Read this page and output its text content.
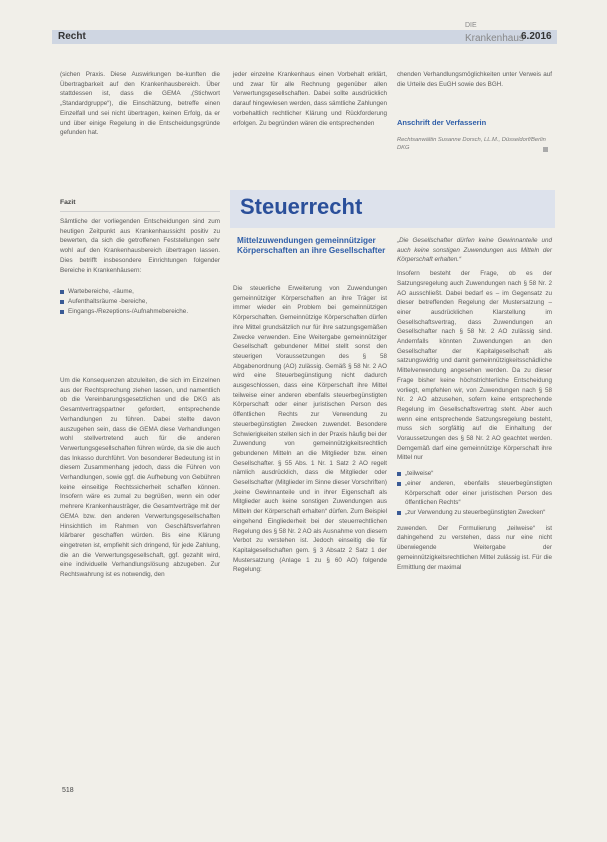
Recht
DIE
Krankenhaus
6.2016

(sichen Praxis. Diese Auswirkungen be-kunften die Übertragbarkeit auf den Krankenhausbereich. Über stattdessen ist, dass die GEMA ,(Stichwort „Standardgruppe“), die Einschätzung, betreffe einen Einzelfall und sei nicht übertragen, keinen Erfolg, da er und über einige Regelung in die Entscheidungsgründe gefunden hat.

Fazit

Sämtliche der vorliegenden Entscheidungen sind zum heutigen Zeitpunkt aus Krankenhaussicht positiv zu bewerten, da sich die getroffenen Feststellungen sehr wohl auf den Krankenhausbereich übertragen lassen. Dies betrifft insbesondere Einrichtungen folgender Bereiche in Krankenhäusern:

Wartebereiche, -räume,
Aufenthaltsräume -bereiche,
Eingangs-/Rezeptions-/Aufnahmebereiche.

Um die Konsequenzen abzuleiten, die sich im Einzelnen aus der Rechtsprechung ziehen lassen, und namentlich ob die Vereinbarungsgesetzlichen und die DKG als Gesamtvertragspartner gefordert, entsprechende Verhandlungen zu führen. Dabei stellte davon auszugehen sein, dass die GEMA diese Verhandlungen wohl stellvertretend auch für die anderen Verwertungsgesellschaften führen würde, da sie die auch das Inkasso durchführt. Von besonderer Bedeutung ist in diesem Zusammenhang jedoch, dass die Führen von Verhandlungen, sowie ggf. die Aufhebung von Gebühren keine einseitige Rechtssicherheit schaffen können. Insofern wäre es zumal zu begrüßen, wenn ein oder mehrere Krankenhausträger, die Gesamtverträge mit der GEMA bzw. den anderen Verwertungsgesellschaften Hinsichtlich im Rahmen von Geschäftsverfahren klärbarer geschaffen würden. Bis eine Klärung eingetreten ist, empfiehlt sich dringend, für jede Zahlung, die an die Verwertungsgesellschaft, ggf. gezahlt wird, eine individuelle Verhandlungslösung abzugeben. Zur Rechtswahrung ist es notwendig, den

jeder einzelne Krankenhaus einen Vorbehalt erklärt, und zwar für alle Rechnung gegenüber allen Verwertungsgesellschaften. Dabei sollte ausdrücklich darauf hingewiesen werden, dass sämtliche Zahlungen vorbehaltlich rechtlicher Klärung und Rückforderung erfolgen. Zu begründen wären die entsprechenden

chenden Verhandlungsmöglichkeiten unter Verweis auf die Urteile des EuGH sowie des BGH.

Anschrift der Verfasserin
Rechtsanwältin Susanne Dorsch, LL.M., Düsseldorf/Berlin DKG
Steuerrecht
Mittelzuwendungen gemeinnütziger Körperschaften an ihre Gesellschafter

Die steuerliche Erweiterung von Zuwendungen gemeinnütziger Körperschaften an ihre Träger ist immer wieder ein Problem bei gemeinnützigen Körperschaften. Gemeinnützige Körperschaften dürfen ihre Mittel grundsätzlich nur für ihre satzungsgemäßen Zwecke verwenden. Eine Weitergabe gemeinnütziger Gesellschaft gebundener Mittel stellt sonst den steuerigen Voraussetzungen des § 58 Abgabenordnung (AO) zulässig. Gemäß § 58 Nr. 2 AO wird eine Steuerbegünstigung nicht dadurch ausgeschlossen, dass eine Körperschaft ihre Mittel teilweise einer anderen ebenfalls steuerbegünstigten Körperschaft oder einer juristischen Person des öffentlichen Rechts zur Verwendung zu steuerbegünstigten Zwecken zuwendet. Besondere Schwierigkeiten stellen sich in der Praxis häufig bei der Zuwendung von gemeinnützigkeitsrechtlich gebundenen Mitteln an die Mitglieder bzw. einen Gesellschafter. § 55 Abs. 1 Nr. 1 Satz 2 AO regelt nämlich ausdrücklich, dass die Mitglieder oder Gesellschafter (Mitglieder im Sinne dieser Vorschriften) „keine Gewinnanteile und in ihrer Eigenschaft als Mitglieder auch keine sonstigen Zuwendungen aus Mitteln der Körperschaft erhalten“ dürfen. Zum Beispiel eingehend Eingliederheit bei der steuerrechtlichen Regelung des § 58 Nr. 2 AO als Ausnahme von diesem Verbot zu verstehen ist. Jedoch einseitig die für Kapitalgesellschaften gem. § 3 Absatz 2 Satz 1 der Mustersatzung (Anlage 1 zu § 60 AO) folgende Regelung:

„Die Gesellschafter dürfen keine Gewinnanteile und auch keine sonstigen Zuwendungen aus Mitteln der Körperschaft erhalten.“

Insofern besteht der Frage, ob es der Satzungsregelung auch Zuwendungen nach § 58 Nr. 2 AO ausschließt. Dabei bedarf es – im Gegensatz zu dieser betreffenden Regelung der Mustersatzung – einer ausdrücklichen Klarstellung im Gesellschaftsvertrag, dass Zuwendungen an Gesellschafter nach § 58 Nr. 2 AO zulässig sind. Andernfalls könnten Zuwendungen an den Gesellschafter der Kapitalgesellschaft als satzungswidrig und damit gemeinnützigkeitsschädliche Mittelverwendung angesehen werden. Da zu dieser Frage bisher keine höchstrichterliche Entscheidung vorliegt, empfehlen wir, von Zuwendungen nach § 58 Nr. 2 AO abzusehen, sofern keine entsprechende Regelung im Gesellschaftsvertrag steht. Aber auch wenn eine entsprechende Satzungsregelung besteht, muss sich sorgfältig auf die Einhaltung der Voraussetzungen des § 58 Nr. 2 AO geachtet werden. Demgemäß darf eine gemeinnützige Körperschaft ihre Mittel nur

„teilweise“
„einer anderen, ebenfalls steuerbegünstigten Körperschaft oder einer juristischen Person des öffentlichen Rechts“
„zur Verwendung zu steuerbegünstigten Zwecken“

zuwenden. Der Formulierung „teilweise“ ist dahingehend zu verstehen, dass nur eine nicht überwiegende Weitergabe der gemeinnützigkeitsrechtlichen Mittel zulässig ist. Für die Ermittlung der maximal

518
